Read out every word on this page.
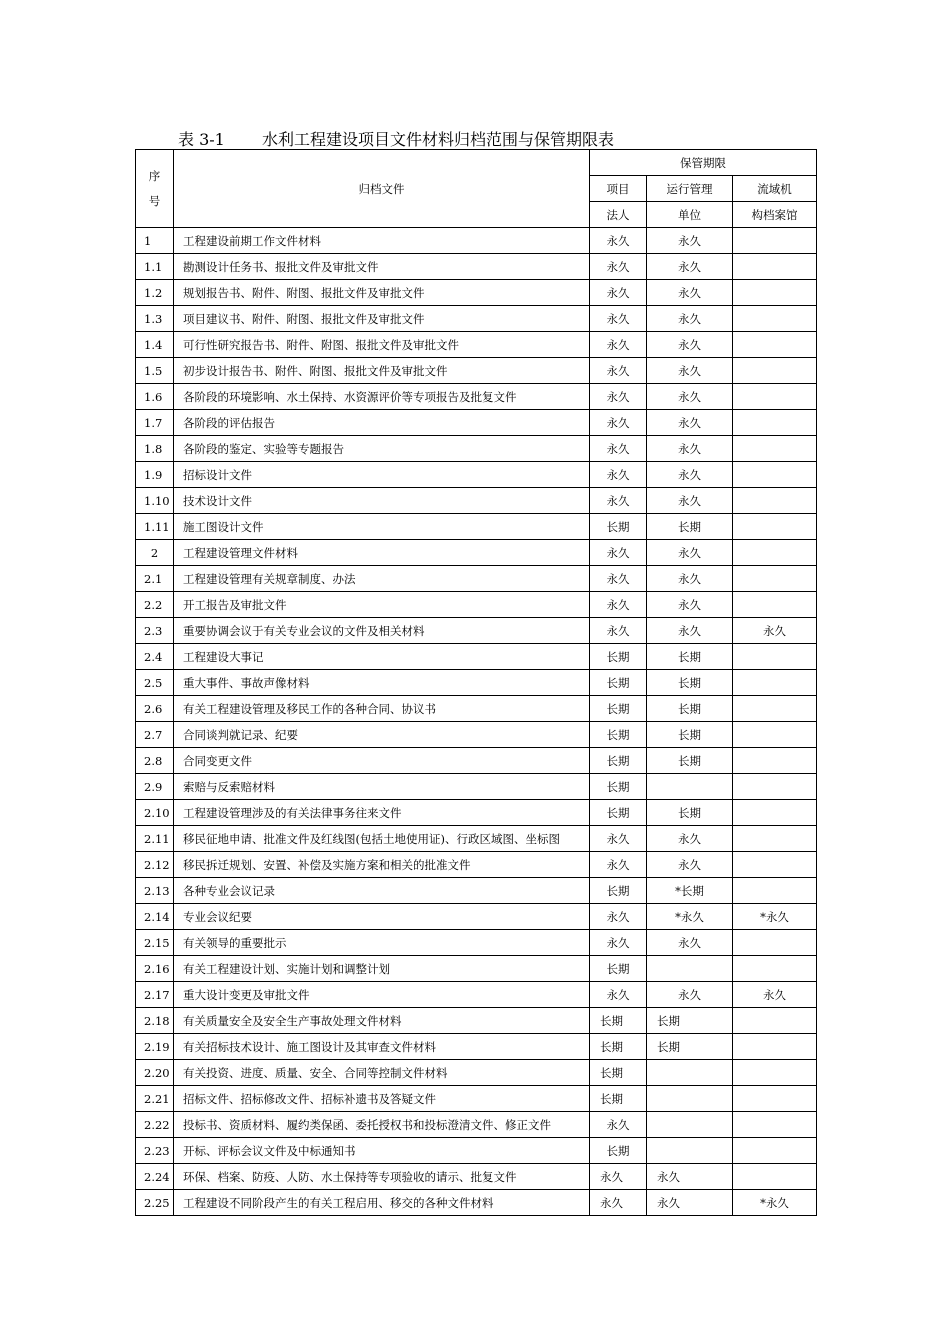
表 3-1 水利工程建设项目文件材料归档范围与保管期限表
序
号	归档文件	保管期限		
		项目	运行管理	流域机
		法人	单位	构档案馆
1	工程建设前期工作文件材料	永久	永久	
1.1	勘测设计任务书、报批文件及审批文件	永久	永久	
1.2	规划报告书、附件、附图、报批文件及审批文件	永久	永久	
1.3	项目建议书、附件、附图、报批文件及审批文件	永久	永久	
1.4	可行性研究报告书、附件、附图、报批文件及审批文件	永久	永久	
1.5	初步设计报告书、附件、附图、报批文件及审批文件	永久	永久	
1.6	各阶段的环境影响、水土保持、水资源评价等专项报告及批复文件	永久	永久	
1.7	各阶段的评估报告	永久	永久	
1.8	各阶段的鉴定、实验等专题报告	永久	永久	
1.9	招标设计文件	永久	永久	
1.10	技术设计文件	永久	永久	
1.11	施工图设计文件	长期	长期	
2	工程建设管理文件材料	永久	永久	
2.1	工程建设管理有关规章制度、办法	永久	永久	
2.2	开工报告及审批文件	永久	永久	
2.3	重要协调会议于有关专业会议的文件及相关材料	永久	永久	永久
2.4	工程建设大事记	长期	长期	
2.5	重大事件、事故声像材料	长期	长期	
2.6	有关工程建设管理及移民工作的各种合同、协议书	长期	长期	
2.7	合同谈判就记录、纪要	长期	长期	
2.8	合同变更文件	长期	长期	
2.9	索赔与反索赔材料	长期		
2.10	工程建设管理涉及的有关法律事务往来文件	长期	长期	
2.11	移民征地申请、批准文件及红线图(包括土地使用证)、行政区域图、坐标图	永久	永久	
2.12	移民拆迁规划、安置、补偿及实施方案和相关的批准文件	永久	永久	
2.13	各种专业会议记录	长期	*长期	
2.14	专业会议纪要	永久	*永久	*永久
2.15	有关领导的重要批示	永久	永久	
2.16	有关工程建设计划、实施计划和调整计划	长期		
2.17	重大设计变更及审批文件	永久	永久	永久
2.18	有关质量安全及安全生产事故处理文件材料	长期	长期	
2.19	有关招标技术设计、施工图设计及其审查文件材料	长期	长期	
2.20	有关投资、进度、质量、安全、合同等控制文件材料	长期		
2.21	招标文件、招标修改文件、招标补遗书及答疑文件	长期		
2.22	投标书、资质材料、履约类保函、委托授权书和投标澄清文件、修正文件	永久		
2.23	开标、评标会议文件及中标通知书	长期		
2.24	环保、档案、防疫、人防、水土保持等专项验收的请示、批复文件	永久	永久	
2.25	工程建设不同阶段产生的有关工程启用、移交的各种文件材料	永久	永久	*永久
